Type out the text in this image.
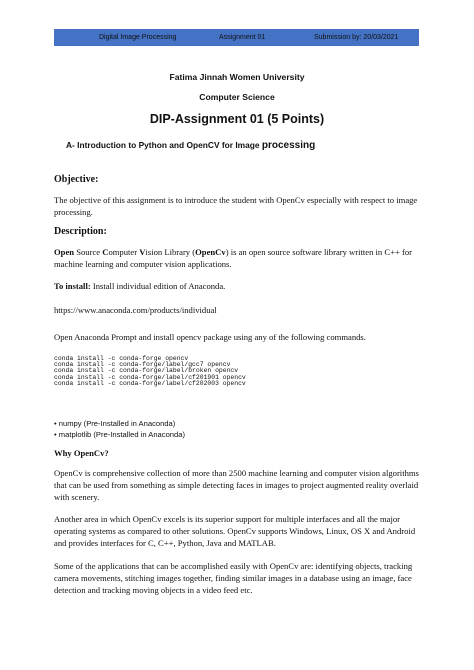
Digital Image Processing	Assignment 01	Submission by: 20/03/2021
Fatima Jinnah Women University
Computer Science
DIP-Assignment 01 (5 Points)
A- Introduction to Python and OpenCV for Image processing
Objective:
The objective of this assignment is to introduce the student with OpenCv especially with respect to image processing.
Description:
Open Source Computer Vision Library (OpenCv) is an open source software library written in C++ for machine learning and computer vision applications.
To install: Install individual edition of Anaconda.
https://www.anaconda.com/products/individual
Open Anaconda Prompt and install opencv package using any of the following commands.
conda install -c conda-forge opencv
conda install -c conda-forge/label/gcc7 opencv
conda install -c conda-forge/label/broken opencv
conda install -c conda-forge/label/cf201901 opencv
conda install -c conda-forge/label/cf202003 opencv
• numpy (Pre-Installed in Anaconda)
• matplotlib (Pre-Installed in Anaconda)
Why OpenCv?
OpenCv is comprehensive collection of more than 2500 machine learning and computer vision algorithms that can be used from something as simple detecting faces in images to project augmented reality overlaid with scenery.
Another area in which OpenCv excels is its superior support for multiple interfaces and all the major operating systems as compared to other solutions. OpenCv supports Windows, Linux, OS X and Android and provides interfaces for C, C++, Python, Java and MATLAB.
Some of the applications that can be accomplished easily with OpenCv are: identifying objects, tracking camera movements, stitching images together, finding similar images in a database using an image, face detection and tracking moving objects in a video feed etc.
